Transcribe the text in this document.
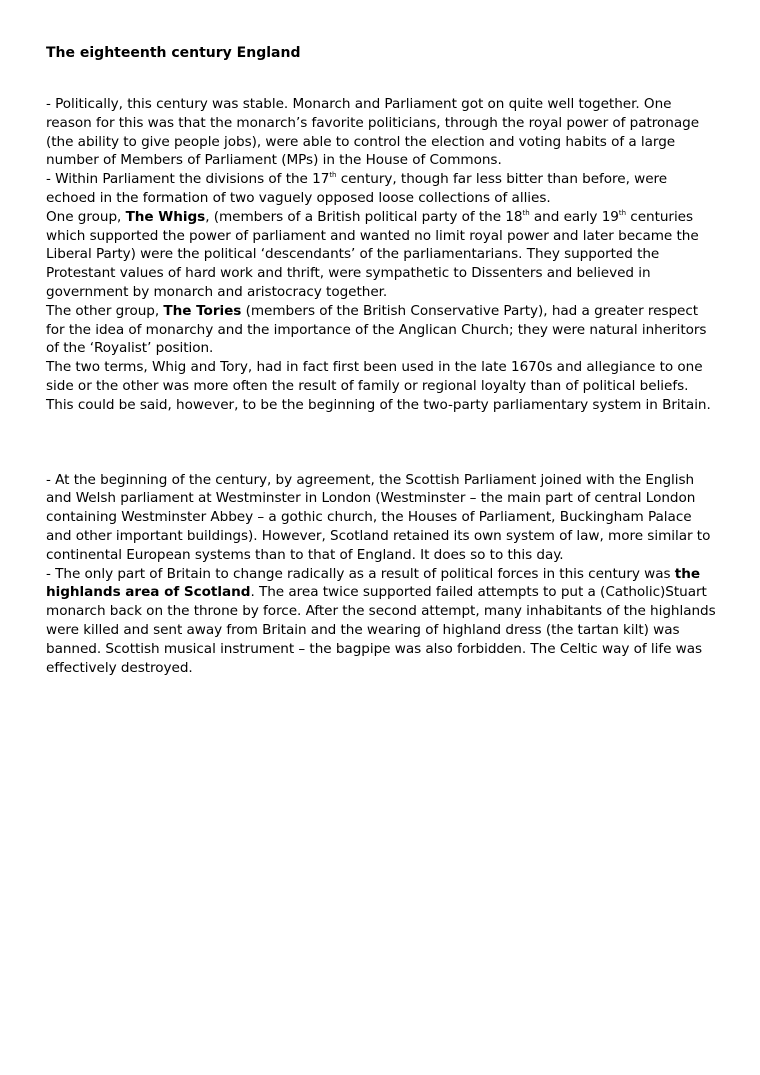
The eighteenth century England

- Politically, this century was stable. Monarch and Parliament got on quite well together. One reason for this was that the monarch’s favorite politicians, through the royal power of patronage (the ability to give people jobs), were able to control the election and voting habits of a large number of Members of Parliament (MPs) in the House of Commons.

- Within Parliament the divisions of the 17th century, though far less bitter than before, were echoed in the formation of two vaguely opposed loose collections of allies.

One group, The Whigs, (members of a British political party of the 18th and early 19th centuries which supported the power of parliament and wanted no limit royal power and later became the Liberal Party) were the political ‘descendants’ of the parliamentarians. They supported the Protestant values of hard work and thrift, were sympathetic to Dissenters and believed in government by monarch and aristocracy together.

The other group, The Tories (members of the British Conservative Party), had a greater respect for the idea of monarchy and the importance of the Anglican Church; they were natural inheritors of the ‘Royalist’ position.

The two terms, Whig and Tory, had in fact first been used in the late 1670s and allegiance to one side or the other was more often the result of family or regional loyalty than of political beliefs. This could be said, however, to be the beginning of the two-party parliamentary system in Britain.

- At the beginning of the century, by agreement, the Scottish Parliament joined with the English and Welsh parliament at Westminster in London (Westminster – the main part of central London containing Westminster Abbey – a gothic church, the Houses of Parliament, Buckingham Palace and other important buildings). However, Scotland retained its own system of law, more similar to continental European systems than to that of England. It does so to this day.

- The only part of Britain to change radically as a result of political forces in this century was the highlands area of Scotland. The area twice supported failed attempts to put a (Catholic)Stuart monarch back on the throne by force. After the second attempt, many inhabitants of the highlands were killed and sent away from Britain and the wearing of highland dress (the tartan kilt) was banned. Scottish musical instrument – the bagpipe was also forbidden. The Celtic way of life was effectively destroyed.
